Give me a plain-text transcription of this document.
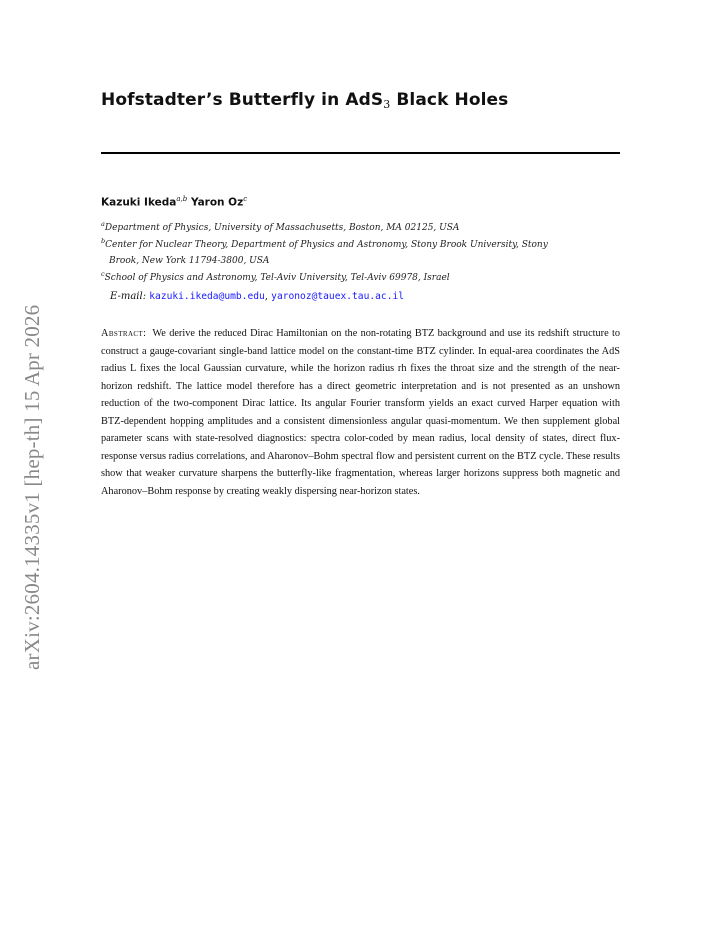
arXiv:2604.14335v1 [hep-th] 15 Apr 2026
Hofstadter’s Butterfly in AdS3 Black Holes
Kazuki Ikeda$^{a,b}$ Yaron Oz$^c$
$^a$Department of Physics, University of Massachusetts, Boston, MA 02125, USA
$^b$Center for Nuclear Theory, Department of Physics and Astronomy, Stony Brook University, Stony
Brook, New York 11794-3800, USA
$^c$School of Physics and Astronomy, Tel-Aviv University, Tel-Aviv 69978, Israel
E-mail: kazuki.ikeda@umb.edu, yaronoz@tauex.tau.ac.il
Abstract: We derive the reduced Dirac Hamiltonian on the non-rotating BTZ background and use its redshift structure to construct a gauge-covariant single-band lattice model on the constant-time BTZ cylinder. In equal-area coordinates the AdS radius L fixes the local Gaussian curvature, while the horizon radius rh fixes the throat size and the strength of the near-horizon redshift. The lattice model therefore has a direct geometric interpretation and is not presented as an unshown reduction of the two-component Dirac lattice. Its angular Fourier transform yields an exact curved Harper equation with BTZ-dependent hopping amplitudes and a consistent dimensionless angular quasi-momentum. We then supplement global parameter scans with state-resolved diagnostics: spectra color-coded by mean radius, local density of states, direct flux-response versus radius correlations, and Aharonov–Bohm spectral flow and persistent current on the BTZ cycle. These results show that weaker curvature sharpens the butterfly-like fragmentation, whereas larger horizons suppress both magnetic and Aharonov–Bohm response by creating weakly dispersing near-horizon states.
